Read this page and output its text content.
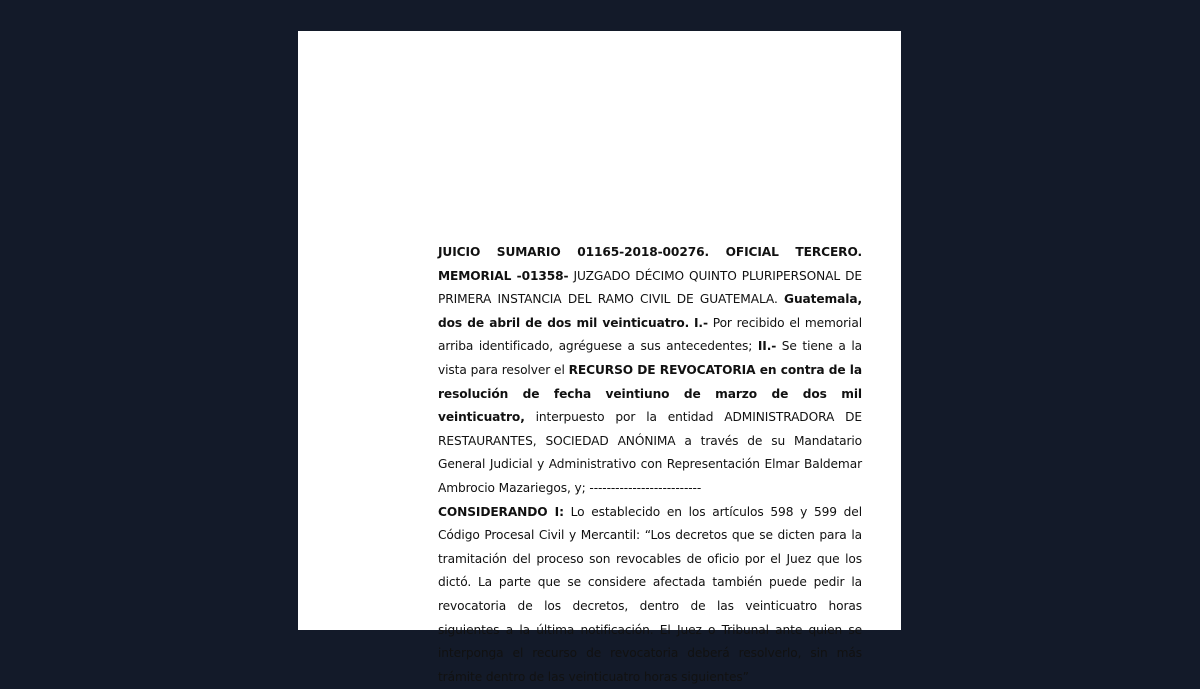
JUICIO SUMARIO 01165-2018-00276. OFICIAL TERCERO. MEMORIAL -01358- JUZGADO DÉCIMO QUINTO PLURIPERSONAL DE PRIMERA INSTANCIA DEL RAMO CIVIL DE GUATEMALA. Guatemala, dos de abril de dos mil veinticuatro. I.- Por recibido el memorial arriba identificado, agréguese a sus antecedentes; II.- Se tiene a la vista para resolver el RECURSO DE REVOCATORIA en contra de la resolución de fecha veintiuno de marzo de dos mil veinticuatro, interpuesto por la entidad ADMINISTRADORA DE RESTAURANTES, SOCIEDAD ANÓNIMA a través de su Mandatario General Judicial y Administrativo con Representación Elmar Baldemar Ambrocio Mazariegos, y; --------------------------

CONSIDERANDO I: Lo establecido en los artículos 598 y 599 del Código Procesal Civil y Mercantil: “Los decretos que se dicten para la tramitación del proceso son revocables de oficio por el Juez que los dictó. La parte que se considere afectada también puede pedir la revocatoria de los decretos, dentro de las veinticuatro horas siguientes a la última notificación. El Juez o Tribunal ante quien se interponga el recurso de revocatoria deberá resolverlo, sin más trámite dentro de las veinticuatro horas siguientes”
